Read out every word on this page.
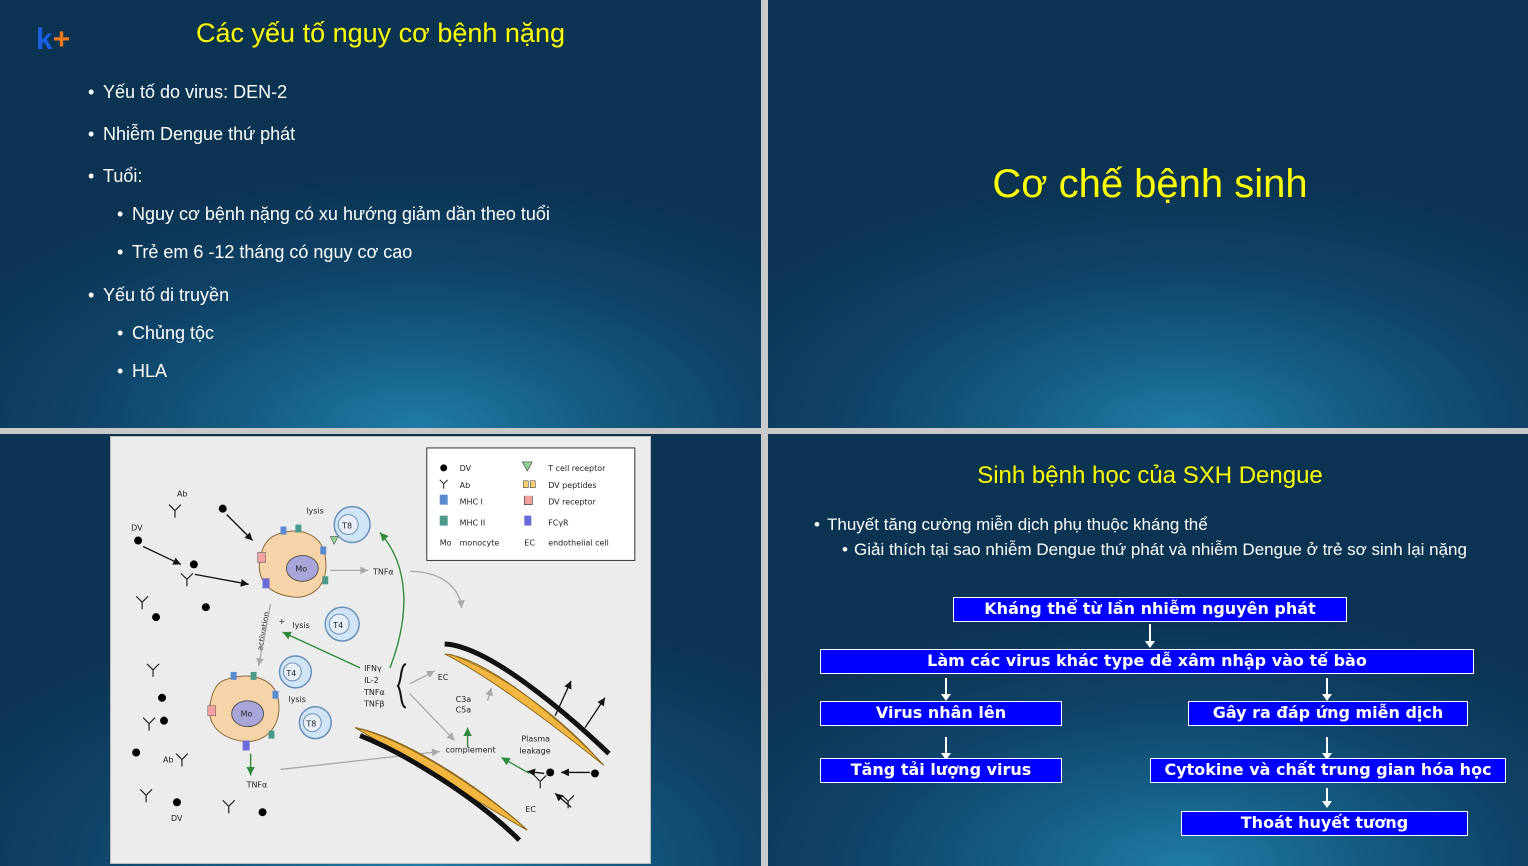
k+	Các yếu tố nguy cơ bệnh nặng
• Yếu tố do virus: DEN-2
• Nhiễm Dengue thứ phát
• Tuổi:
• Nguy cơ bệnh nặng có xu hướng giảm dần theo tuổi
• Trẻ em 6 -12 tháng có nguy cơ cao
• Yếu tố di truyền
• Chủng tộc
• HLA
Cơ chế bệnh sinh
DV
Ab
MHC I
MHC II
Mo monocyte
T cell receptor
DV peptides
DV receptor
FCγR
EC endothelial cell
Mo
T8
lysis
T4
+ lysis
TNFα
activation
Mo
T4
T8
lysis
IFNγ
IL-2
TNFα
TNFβ
TNFα
EC
C3a
C5a
Plasma
leakage
complement
EC
Ab
DV
Ab
DV
Sinh bệnh học của SXH Dengue
• Thuyết tăng cường miễn dịch phụ thuộc kháng thể
• Giải thích tại sao nhiễm Dengue thứ phát và nhiễm Dengue ở trẻ sơ sinh lại nặng
Kháng thể từ lần nhiễm nguyên phát
Làm các virus khác type dễ xâm nhập vào tế bào
Virus nhân lên	Gây ra đáp ứng miễn dịch
Tăng tải lượng virus	Cytokine và chất trung gian hóa học
Thoát huyết tương
